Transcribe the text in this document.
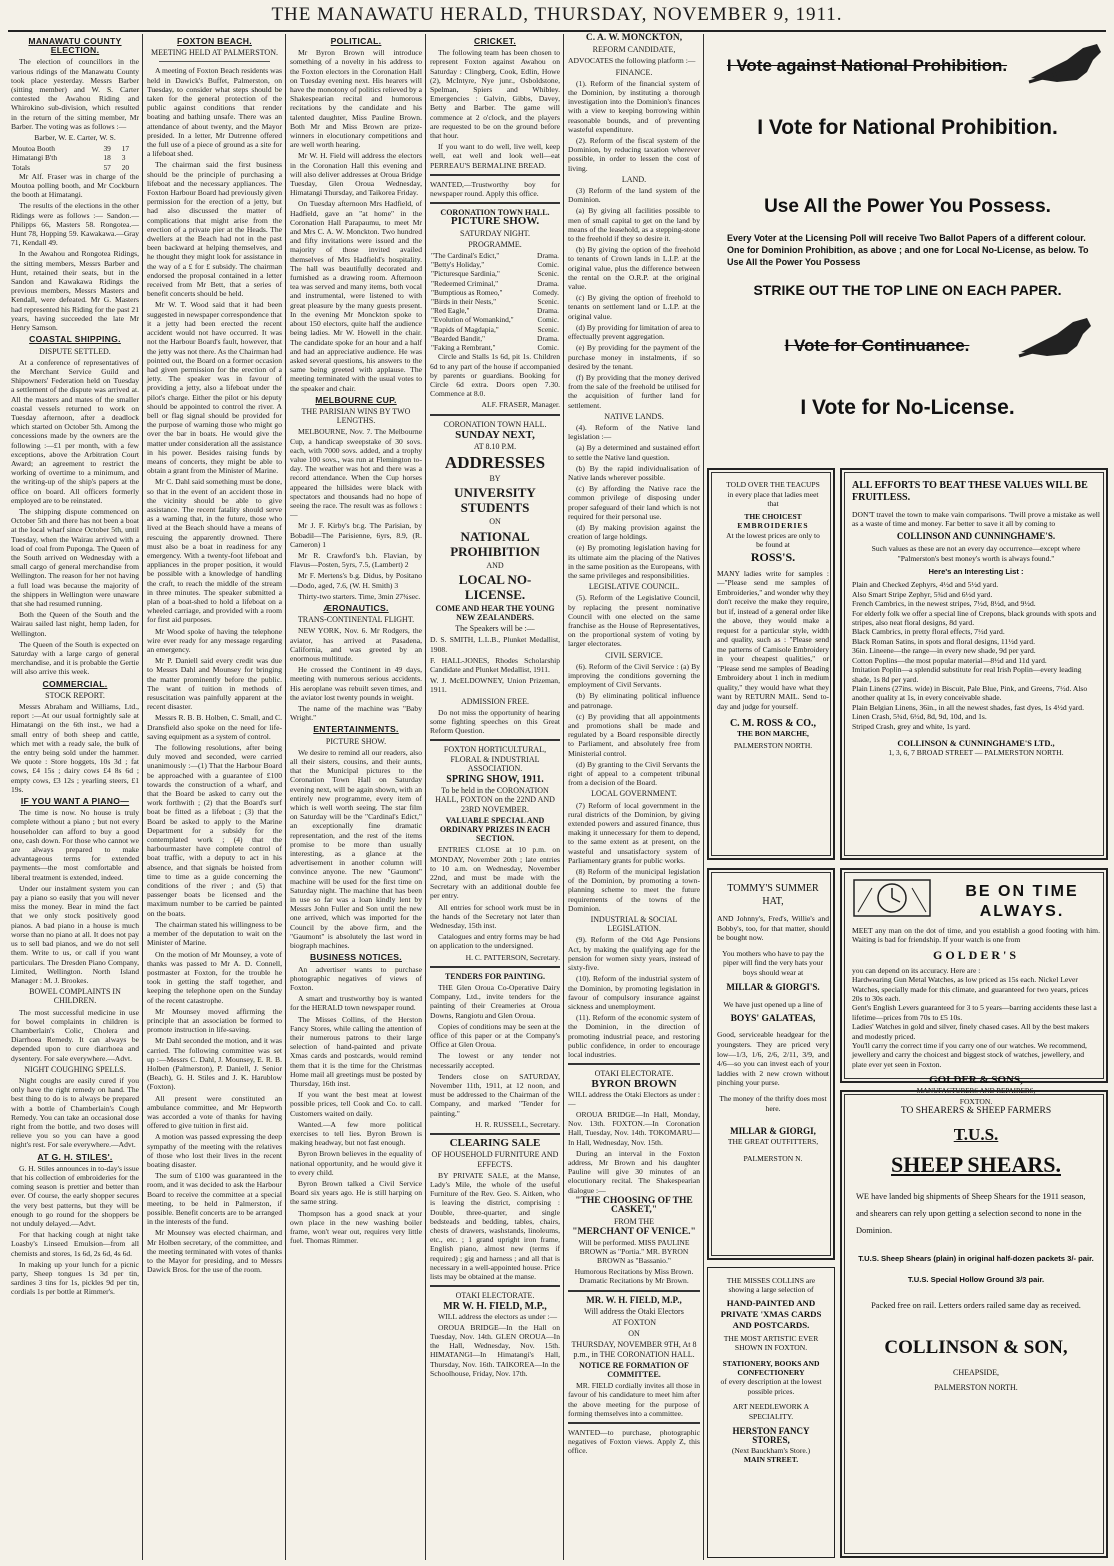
THE MANAWATU HERALD, THURSDAY, NOVEMBER 9, 1911.
MANAWATU COUNTY ELECTION.

The election of councillors in the various ridings of the Manawatu County took place yesterday. Messrs Barber (sitting member) and W. S. Carter contested the Awahou Riding and Whirokino sub-division, which resulted in the return of the sitting member, Mr Barber. The voting was as follows :—

Barber, W. E. Carter, W. S.

Moutoa Booth	39	17
Himatangi B'th	18	3
Totals	57	20

Mr Alf. Fraser was in charge of the Moutoa polling booth, and Mr Cockburn the booth at Himatangi.

The results of the elections in the other Ridings were as follows :— Sandon.—Philipps 66, Masters 58. Rongotea.—Hunt 78, Hopping 59. Kawakawa.—Gray 71, Kendall 49.

In the Awahou and Rongotea Ridings, the sitting members, Messrs Barber and Hunt, retained their seats, but in the Sandon and Kawakawa Ridings the previous members, Messrs Masters and Kendall, were defeated. Mr G. Masters had represented his Riding for the past 21 years, having succeeded the late Mr Henry Samson.

COASTAL SHIPPING.
DISPUTE SETTLED.

At a conference of representatives of the Merchant Service Guild and Shipowners' Federation held on Tuesday a settlement of the dispute was arrived at. All the masters and mates of the smaller coastal vessels returned to work on Tuesday afternoon, after a deadlock which started on October 5th. Among the concessions made by the owners are the following :—£1 per month, with a few exceptions, above the Arbitration Court Award; an agreement to restrict the working of overtime to a minimum, and the writing-up of the ship's papers at the office on board. All officers formerly employed are to be reinstated.

The shipping dispute commenced on October 5th and there has not been a boat at the local wharf since October 5th, until Tuesday, when the Wairau arrived with a load of coal from Puponga. The Queen of the South arrived on Wednesday with a small cargo of general merchandise from Wellington. The reason for her not having a full load was because the majority of the shippers in Wellington were unaware that she had resumed running.

Both the Queen of the South and the Wairau sailed last night, hemp laden, for Wellington.

The Queen of the South is expected on Saturday with a large cargo of general merchandise, and it is probable the Gertie will also arrive this week.

COMMERCIAL.
STOCK REPORT.

Messrs Abraham and Williams, Ltd., report :—At our usual fortnightly sale at Himatangi on the 6th inst., we had a small entry of both sheep and cattle, which met with a ready sale, the bulk of the entry being sold under the hammer. We quote : Store hoggets, 10s 3d ; fat cows, £4 15s ; dairy cows £4 8s 6d ; empty cows, £3 12s ; yearling steers, £1 19s.

IF YOU WANT A PIANO—

The time is now. No house is truly complete without a piano ; but not every householder can afford to buy a good one, cash down. For those who cannot we are always prepared to make advantageous terms for extended payments—the most comfortable and liberal treatment is extended, indeed.

Under our instalment system you can pay a piano so easily that you will never miss the money. Bear in mind the fact that we only stock positively good pianos. A bad piano in a house is much worse than no piano at all. It does not pay us to sell bad pianos, and we do not sell them. Write to us, or call if you want particulars. The Dresden Piano Company, Limited, Wellington. North Island Manager : M. J. Brookes.

BOWEL COMPLAINTS IN CHILDREN.

The most successful medicine in use for bowel complaints in children is Chamberlain's Colic, Cholera and Diarrhoea Remedy. It can always be depended upon to cure diarrhoea and dysentery. For sale everywhere.—Advt.

NIGHT COUGHING SPELLS.

Night coughs are easily cured if you only have the right remedy on hand. The best thing to do is to always be prepared with a bottle of Chamberlain's Cough Remedy. You can take an occasional dose right from the bottle, and two doses will relieve you so you can have a good night's rest. For sale everywhere.—Advt.

AT G. H. STILES'.

G. H. Stiles announces in to-day's issue that his collection of embroideries for the coming season is prettier and better than ever. Of course, the early shopper secures the very best patterns, but they will be enough to go round for the shoppers be not unduly delayed.—Advt.

For that hacking cough at night take Loasby's Linseed Emulsion—from all chemists and stores, 1s 6d, 2s 6d, 4s 6d.

In making up your lunch for a picnic party, Sheep tongues 1s 3d per tin, sardines 3 tins for 1s, pickles 9d per tin, cordials 1s per bottle at Rimmer's.

FOXTON BEACH.
MEETING HELD AT PALMERSTON.

A meeting of Foxton Beach residents was held in Dawick's Buffet, Palmerston, on Tuesday, to consider what steps should be taken for the general protection of the public against conditions that render boating and bathing unsafe. There was an attendance of about twenty, and the Mayor presided. In a letter, Mr Dutrenne offered the full use of a piece of ground as a site for a lifeboat shed.

The chairman said the first business should be the principle of purchasing a lifeboat and the necessary appliances. The Foxton Harbour Board had previously given permission for the erection of a jetty, but had also discussed the matter of complications that might arise from the erection of a private pier at the Heads. The dwellers at the Beach had not in the past been backward at helping themselves, and he thought they might look for assistance in the way of a £ for £ subsidy. The chairman endorsed the proposal contained in a letter received from Mr Bett, that a series of benefit concerts should be held.

Mr W. T. Wood said that it had been suggested in newspaper correspondence that it a jetty had been erected the recent accident would not have occurred. It was not the Harbour Board's fault, however, that the jetty was not there. As the Chairman had pointed out, the Board on a former occasion had given permission for the erection of a jetty. The speaker was in favour of providing a jetty, also a lifeboat under the pilot's charge. Either the pilot or his deputy should be appointed to control the river. A bell or flag signal should be provided for the purpose of warning those who might go over the bar in boats. He would give the matter under consideration all the assistance in his power. Besides raising funds by means of concerts, they might be able to obtain a grant from the Minister of Marine.

Mr C. Dahl said something must be done, so that in the event of an accident those in the vicinity should be able to give assistance. The recent fatality should serve as a warning that, in the future, those who lived at the Beach should have a means of rescuing the apparently drowned. There must also be a boat in readiness for any emergency. With a twenty-foot lifeboat and appliances in the proper position, it would be possible with a knowledge of handling the craft, to reach the middle of the stream in three minutes. The speaker submitted a plan of a boat-shed to hold a lifeboat on a wheeled carriage, and provided with a room for first aid purposes.

Mr Wood spoke of having the telephone wire ever ready for any message regarding an emergency.

Mr P. Daniell said every credit was due to Messrs Dahl and Mounsey for bringing the matter prominently before the public. The want of tuition in methods of resuscitation was painfully apparent at the recent disaster.

Messrs R. B. B. Holben, C. Small, and C. Dransfield also spoke on the need for life-saving equipment as a system of control.

The following resolutions, after being duly moved and seconded, were carried unanimously :—(1) That the Harbour Board be approached with a guarantee of £100 towards the construction of a wharf, and that the Board be asked to carry out the work forthwith ; (2) that the Board's surf boat be fitted as a lifeboat ; (3) that the Board be asked to apply to the Marine Department for a subsidy for the contemplated work ; (4) that the harbourmaster have complete control of boat traffic, with a deputy to act in his absence, and that signals be hoisted from time to time as a guide concerning the conditions of the river ; and (5) that passenger boats be licensed and the maximum number to be carried be painted on the boats.

The chairman stated his willingness to be a member of the deputation to wait on the Minister of Marine.

On the motion of Mr Mounsey, a vote of thanks was passed to Mr A. D. Connell, postmaster at Foxton, for the trouble he took in getting the staff together, and keeping the telephone open on the Sunday of the recent catastrophe.

Mr Mounsey moved affirming the principle that an association be formed to promote instruction in life-saving.

Mr Dahl seconded the motion, and it was carried. The following committee was set up :—Messrs C. Dahl, J. Mounsey, E. R. B. Holben (Palmerston), P. Daniell, J. Senior (Beach), G. H. Stiles and J. K. Harublow (Foxton).

All present were constituted an ambulance committee, and Mr Hepworth was accorded a vote of thanks for having offered to give tuition in first aid.

A motion was passed expressing the deep sympathy of the meeting with the relatives of those who lost their lives in the recent boating disaster.

The sum of £100 was guaranteed in the room, and it was decided to ask the Harbour Board to receive the committee at a special meeting, to be held in Palmerston, if possible. Benefit concerts are to be arranged in the interests of the fund.

Mr Mounsey was elected chairman, and Mr Holben secretary, of the committee, and the meeting terminated with votes of thanks to the Mayor for presiding, and to Messrs Dawick Bros. for the use of the room.

POLITICAL.

Mr Byron Brown will introduce something of a novelty in his address to the Foxton electors in the Coronation Hall on Tuesday evening next. His hearers will have the monotony of politics relieved by a Shakespearian recital and humorous recitations by the candidate and his talented daughter, Miss Pauline Brown. Both Mr and Miss Brown are prize-winners in elocutionary competitions and are well worth hearing.

Mr W. H. Field will address the electors in the Coronation Hall this evening and will also deliver addresses at Oroua Bridge Tuesday, Glen Oroua Wednesday, Himatangi Thursday, and Taikorea Friday.

On Tuesday afternoon Mrs Hadfield, of Hadfield, gave an "at home" in the Coronation Hall Parapaumu, to meet Mr and Mrs C. A. W. Monckton. Two hundred and fifty invitations were issued and the majority of those invited availed themselves of Mrs Hadfield's hospitality. The hall was beautifully decorated and furnished as a drawing room. Afternoon tea was served and many items, both vocal and instrumental, were listened to with great pleasure by the many guests present. In the evening Mr Monckton spoke to about 150 electors, quite half the audience being ladies. Mr W. Howell in the chair. The candidate spoke for an hour and a half and had an appreciative audience. He was asked several questions, his answers to the same being greeted with applause. The meeting terminated with the usual votes to the speaker and chair.

MELBOURNE CUP.
THE PARISIAN WINS BY TWO LENGTHS.

MELBOURNE, Nov. 7. The Melbourne Cup, a handicap sweepstake of 30 sovs. each, with 7000 sovs. added, and a trophy value 100 sovs., was run at Flemington to-day. The weather was hot and there was a record attendance. When the Cup horses appeared the hillsides were black with spectators and thousands had no hope of seeing the race. The result was as follows :—

Mr J. F. Kirby's br.g. The Parisian, by Bobadil—The Parisienne, 6yrs, 8.9, (R. Cameron) 1

Mr R. Crawford's b.h. Flavian, by Flavus—Posten, 5yrs, 7.5, (Lambert) 2

Mr F. Mertens's b.g. Didus, by Positano—Dodo, aged, 7.6, (W. H. Smith) 3

Thirty-two starters. Time, 3min 27¾sec.

ÆRONAUTICS.
TRANS-CONTINENTAL FLIGHT.

NEW YORK, Nov. 6. Mr Rodgers, the aviator, has arrived at Pasadena, California, and was greeted by an enormous multitude.

He crossed the Continent in 49 days, meeting with numerous serious accidents. His aeroplane was rebuilt seven times, and the aviator lost twenty pounds in weight.

The name of the machine was "Baby Wright."

ENTERTAINMENTS.
PICTURE SHOW.

We desire to remind all our readers, also all their sisters, cousins, and their aunts, that the Municipal pictures to the Coronation Town Hall on Saturday evening next, will be again shown, with an entirely new programme, every item of which is well worth seeing. The star film on Saturday will be the "Cardinal's Edict," an exceptionally fine dramatic representation, and the rest of the items promise to be more than usually interesting, as a glance at the advertisement in another column will convince anyone. The new "Gaumont" machine will be used for the first time on Saturday night. The machine that has been in use so far was a loan kindly lent by Messrs John Fuller and Son until the new one arrived, which was imported for the Council by the above firm, and the "Gaumont" is absolutely the last word in biograph machines.

BUSINESS NOTICES.

An advertiser wants to purchase photographic negatives of views of Foxton.

A smart and trustworthy boy is wanted for the HERALD town newspaper round.

The Misses Collins, of the Herston Fancy Stores, while calling the attention of their numerous patrons to their large selection of hand-painted and private Xmas cards and postcards, would remind them that it is the time for the Christmas Home mail all greetings must be posted by Thursday, 16th inst.

If you want the best meat at lowest possible prices, tell Cook and Co. to call. Customers waited on daily.

Wanted.—A few more political exercises to tell lies. Byron Brown is making headway, but not fast enough.

Byron Brown believes in the equality of national opportunity, and he would give it to every child.

Byron Brown talked a Civil Service Board six years ago. He is still harping on the same string.

Thompson has a good snack at your own place in the new washing boiler frame, won't wear out, requires very little fuel. Thomas Rimmer.

CRICKET.

The following team has been chosen to represent Foxton against Awahou on Saturday : Clingberg, Cook, Edlin, Howe (2), McIntyre, Nye junr., Osboldstone, Spelman, Spiers and Whibley. Emergencies : Galvin, Gibbs, Davey, Betty and Barber. The game will commence at 2 o'clock, and the players are requested to be on the ground before that hour.

If you want to do well, live well, keep well, eat well and look well—eat PERREAU'S BERMALINE BREAD.

WANTED,—Trustworthy boy for newspaper round. Apply this office.

CORONATION TOWN HALL.
PICTURE SHOW.
SATURDAY NIGHT.
PROGRAMME.
"The Cardinal's Edict,"	Drama.
"Betty's Holiday,"	Comic.
"Picturesque Sardinia,"	Scenic.
"Redeemed Criminal,"	Drama.
"Bumptious as Romeo,"	Comedy.
"Birds in their Nests,"	Scenic.
"Red Eagle,"	Drama.
"Evolution of Womankind,"	Comic.
"Rapids of Magdapia,"	Scenic.
"Bearded Bandit,"	Drama.
"Faking a Rembrant,"	Comic.

Circle and Stalls 1s 6d, pit 1s. Children 6d to any part of the house if accompanied by parents or guardians. Booking for Circle 6d extra. Doors open 7.30. Commence at 8.0.

ALF. FRASER, Manager.

CORONATION TOWN HALL.
SUNDAY NEXT,
AT 8.10 P.M.
ADDRESSES
BY
UNIVERSITY STUDENTS
ON
NATIONAL PROHIBITION
AND
LOCAL NO-LICENSE.
COME AND HEAR THE YOUNG NEW ZEALANDERS.
The Speakers will be :—

D. S. SMITH, L.L.B., Plunket Medallist, 1908.

F. HALL-JONES, Rhodes Scholarship Candidate and Plunket Medallist, 1911.

W. J. McELDOWNEY, Union Prizeman, 1911.

ADMISSION FREE.

Do not miss the opportunity of hearing some fighting speeches on this Great Reform Question.

FOXTON HORTICULTURAL, FLORAL & INDUSTRIAL ASSOCIATION.
SPRING SHOW, 1911.
To be held in the CORONATION HALL, FOXTON on the 22ND AND 23RD NOVEMBER.
VALUABLE SPECIAL AND ORDINARY PRIZES IN EACH SECTION.

ENTRIES CLOSE at 10 p.m. on MONDAY, November 20th ; late entries to 10 a.m. on Wednesday, November 22nd, and must be made with the Secretary with an additional double fee per entry.

All entries for school work must be in the hands of the Secretary not later than Wednesday, 15th inst.

Catalogues and entry forms may be had on application to the undersigned.

H. C. PATTERSON, Secretary.

TENDERS FOR PAINTING.

THE Glen Oroua Co-Operative Dairy Company, Ltd., invite tenders for the painting of their Creameries at Oroua Downs, Rangiotu and Glen Oroua.

Copies of conditions may be seen at the office of this paper or at the Company's Office at Glen Oroua.

The lowest or any tender not necessarily accepted.

Tenders close on SATURDAY, November 11th, 1911, at 12 noon, and must be addressed to the Chairman of the Company, and marked "Tender for painting."

H. R. RUSSELL, Secretary.

CLEARING SALE
OF HOUSEHOLD FURNITURE AND EFFECTS.

BY PRIVATE SALE, at the Manse, Lady's Mile, the whole of the useful Furniture of the Rev. Geo. S. Aitken, who is leaving the district, comprising : Double, three-quarter, and single bedsteads and bedding, tables, chairs, chests of drawers, washstands, linoleums, etc., etc. ; 1 grand upright iron frame, English piano, almost new (terms if required) ; gig and harness ; and all that is necessary in a well-appointed house. Price lists may be obtained at the manse.

OTAKI ELECTORATE.
MR W. H. FIELD, M.P.,

WILL address the electors as under :—

OROUA BRIDGE—In the Hall on Tuesday, Nov. 14th. GLEN OROUA—In the Hall, Wednesday, Nov. 15th. HIMATANGI—In Himatangi's Hall, Thursday, Nov. 16th. TAIKOREA—In the Schoolhouse, Friday, Nov. 17th.

C. A. W. MONCKTON,
REFORM CANDIDATE,

ADVOCATES the following platform :—

FINANCE.

(1). Reform of the financial system of the Dominion, by instituting a thorough investigation into the Dominion's finances with a view to keeping borrowing within reasonable bounds, and of preventing wasteful expenditure.

(2). Reform of the fiscal system of the Dominion, by reducing taxation wherever possible, in order to lessen the cost of living.

LAND.

(3) Reform of the land system of the Dominion.

(a) By giving all facilities possible to men of small capital to get on the land by means of the leasehold, as a stepping-stone to the freehold if they so desire it.

(b) By giving the option of the freehold to tenants of Crown lands in L.I.P. at the original value, plus the difference between the rental on the O.R.P. at the original value.

(c) By giving the option of freehold to tenants on settlement land or L.I.P. at the original value.

(d) By providing for limitation of area to effectually prevent aggregation.

(e) By providing for the payment of the purchase money in instalments, if so desired by the tenant.

(f) By providing that the money derived from the sale of the freehold be utilised for the acquisition of further land for settlement.

NATIVE LANDS.

(4). Reform of the Native land legislation :—

(a) By a determined and sustained effort to settle the Native land question.

(b) By the rapid individualisation of Native lands wherever possible.

(c) By affording the Native race the common privilege of disposing under proper safeguard of their land which is not required for their personal use.

(d) By making provision against the creation of large holdings.

(e) By promoting legislation having for its ultimate aim the placing of the Natives in the same position as the Europeans, with the same privileges and responsibilities.

LEGISLATIVE COUNCIL.

(5). Reform of the Legislative Council, by replacing the present nominative Council with one elected on the same franchise as the House of Representatives, on the proportional system of voting by larger electorates.

CIVIL SERVICE.

(6). Reform of the Civil Service : (a) By improving the conditions governing the employment of Civil Servants.

(b) By eliminating political influence and patronage.

(c) By providing that all appointments and promotions shall be made and regulated by a Board responsible directly to Parliament, and absolutely free from Ministerial control.

(d) By granting to the Civil Servants the right of appeal to a competent tribunal from a decision of the Board.

LOCAL GOVERNMENT.

(7) Reform of local government in the rural districts of the Dominion, by giving extended powers and assured finance, thus making it unnecessary for them to depend, to the same extent as at present, on the wasteful and unsatisfactory system of Parliamentary grants for public works.

(8) Reform of the municipal legislation of the Dominion, by promoting a town-planning scheme to meet the future requirements of the towns of the Dominion.

INDUSTRIAL & SOCIAL LEGISLATION.

(9). Reform of the Old Age Pensions Act, by making the qualifying age for the pension for women sixty years, instead of sixty-five.

(10). Reform of the industrial system of the Dominion, by promoting legislation in favour of compulsory insurance against sickness and unemployment.

(11). Reform of the economic system of the Dominion, in the direction of promoting industrial peace, and restoring public confidence, in order to encourage local industries.

OTAKI ELECTORATE.
BYRON BROWN

WILL address the Otaki Electors as under :—

OROUA BRIDGE—In Hall, Monday, Nov. 13th. FOXTON.—In Coronation Hall, Tuesday, Nov. 14th. TOKOMARU—In Hall, Wednesday, Nov. 15th.

During an interval in the Foxton address, Mr Brown and his daughter Pauline will give 30 minutes of an elocutionary recital. The Shakespearian dialogue :—

"THE CHOOSING OF THE CASKET,"
FROM THE
"MERCHANT OF VENICE."

Will be performed. MISS PAULINE BROWN as "Portia." MR. BYRON BROWN as "Bassanio."

Humorous Recitations by Miss Brown. Dramatic Recitations by Mr Brown.

MR. W. H. FIELD, M.P.,
Will address the Otaki Electors
AT FOXTON
ON
THURSDAY, NOVEMBER 9TH, At 8 p.m., in THE CORONATION HALL.
NOTICE RE FORMATION OF COMMITTEE.

MR. FIELD cordially invites all those in favour of his candidature to meet him after the above meeting for the purpose of forming themselves into a committee.

WANTED—to purchase, photographic negatives of Foxton views. Apply Z, this office.

I Vote against National Prohibition.
I Vote for National Prohibition.
Use All the Power You Possess.
Every Voter at the Licensing Poll will receive Two Ballot Papers of a different colour. One for Dominion Prohibition, as above ; and one for Local No-License, as below. To Use All the Power You Possess
STRIKE OUT THE TOP LINE ON EACH PAPER.
I Vote for Continuance.
I Vote for No-License.
TOLD OVER THE TEACUPS
in every place that ladies meet
that
THE CHOICEST
EMBROIDERIES
At the lowest prices are only to
be found at
ROSS'S.
MANY ladies write for samples : —"Please send me samples of Embroideries," and wonder why they don't receive the make they require, but if, instead of a general order like the above, they would make a request for a particular style, width and quality, such as : "Please send me patterns of Camisole Embroidery in your cheapest qualities," or "Please send me samples of Beading Embroidery about 1 inch in medium quality," they would have what they want by RETURN MAIL. Send to-day and judge for yourself.
C. M. ROSS & CO.,
THE BON MARCHE,
PALMERSTON NORTH.
ALL EFFORTS TO BEAT THESE VALUES WILL BE FRUITLESS.
DON'T travel the town to make vain comparisons. 'Twill prove a mistake as well as a waste of time and money. Far better to save it all by coming to
COLLINSON AND CUNNINGHAME'S.
Such values as these are not an every day occurrence—except where "Palmerston's best money's worth is always found."
Here's an Interesting List :
Plain and Checked Zephyrs, 4½d and 5½d yard.
Also Smart Stripe Zephyr, 5¾d and 6½d yard.
French Cambrics, in the newest stripes, 7½d, 8½d, and 9½d.
For elderly folk we offer a special line of Crepons, black grounds with spots and stripes, also neat floral designs, 8d yard.
Black Cambrics, in pretty floral effects, 7½d yard.
Black Roman Satins, in spots and floral designs, 11½d yard.
36in. Lineene—the range—in every new shade, 9d per yard.
Cotton Poplins—the most popular material—8½d and 11d yard.
Imitation Poplin—a splendid substitute for real Irish Poplin—every leading shade, 1s 8d per yard.
Plain Linens (27ins. wide) in Biscuit, Pale Blue, Pink, and Greens, 7½d. Also another quality at 1s, in every conceivable shade.
Plain Belgian Linens, 36in., in all the newest shades, fast dyes, 1s 4½d yard.
Linen Crash, 5¾d, 6½d, 8d, 9d, 10d, and 1s.
Striped Crash, grey and white, 1s yard.
COLLINSON & CUNNINGHAME'S LTD.,
1, 3, 6, 7 BROAD STREET — PALMERSTON NORTH.
TOMMY'S SUMMER HAT,
AND Johnny's, Fred's, Willie's and Bobby's, too, for that matter, should be bought now.
You mothers who have to pay the piper will find the very hats your boys should wear at
MILLAR & GIORGI'S.
We have just opened up a line of
BOYS' GALATEAS,
Good, serviceable headgear for the youngsters. They are priced very low—1/3, 1/6, 2/6, 2/11, 3/9, and 4/6—so you can invest each of your laddies with 2 new crown without pinching your purse.
The money of the thrifty does most here.
MILLAR & GIORGI,
THE GREAT OUTFITTERS,
PALMERSTON N.
BE ON TIME ALWAYS.
MEET any man on the dot of time, and you establish a good footing with him. Waiting is bad for friendship. If your watch is one from
GOLDER'S
you can depend on its accuracy. Here are :
Hardwearing Gun Metal Watches, as low priced as 15s each. Nickel Lever Watches, specially made for this climate, and guaranteed for two years, prices 20s to 30s each.
Gent's English Levers guaranteed for 3 to 5 years—barring accidents these last a lifetime—prices from 70s to £5 10s.
Ladies' Watches in gold and silver, finely chased cases. All by the best makers and modestly priced.
You'll carry the correct time if you carry one of our watches. We recommend, jewellery and carry the choicest and biggest stock of watches, jewellery, and plate ever yet seen in Foxton.
GOLDER & SONS,
MANUFACTURERS AND REPAIRERS,
FOXTON.
TO SHEARERS & SHEEP FARMERS
T.U.S.
SHEEP SHEARS.
WE have landed big shipments of Sheep Shears for the 1911 season, and shearers can rely upon getting a selection second to none in the Dominion.
T.U.S. Sheep Shears (plain) in original half-dozen packets 3/- pair.
T.U.S. Special Hollow Ground 3/3 pair.
Packed free on rail. Letters orders railed same day as received.
COLLINSON & SON,
CHEAPSIDE,
PALMERSTON NORTH.
THE MISSES COLLINS are showing a large selection of
HAND-PAINTED AND PRIVATE 'XMAS CARDS AND POSTCARDS.
THE MOST ARTISTIC EVER SHOWN IN FOXTON.
STATIONERY, BOOKS AND CONFECTIONERY
of every description at the lowest possible prices.
ART NEEDLEWORK A SPECIALITY.
HERSTON FANCY STORES,
(Next Bauckham's Store.)
MAIN STREET.
